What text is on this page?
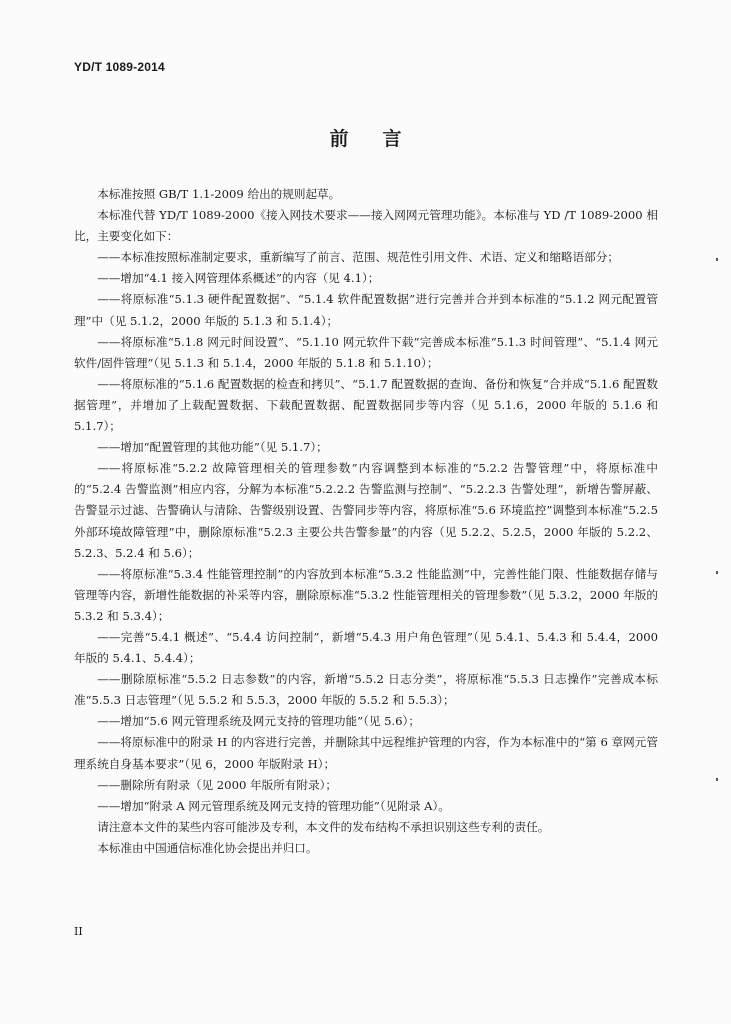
YD/T 1089-2014
前言

本标准按照 GB/T 1.1-2009 给出的规则起草。

本标准代替 YD/T 1089-2000《接入网技术要求——接入网网元管理功能》。本标准与 YD /T 1089-2000 相比，主要变化如下：

——本标准按照标准制定要求，重新编写了前言、范围、规范性引用文件、术语、定义和缩略语部分；

——增加“4.1 接入网管理体系概述”的内容（见 4.1）；

——将原标准“5.1.3 硬件配置数据”、“5.1.4 软件配置数据”进行完善并合并到本标准的“5.1.2 网元配置管理”中（见 5.1.2，2000 年版的 5.1.3 和 5.1.4）；

——将原标准“5.1.8 网元时间设置”、“5.1.10 网元软件下载”完善成本标准“5.1.3 时间管理”、“5.1.4 网元软件/固件管理”（见 5.1.3 和 5.1.4，2000 年版的 5.1.8 和 5.1.10）；

——将原标准的“5.1.6 配置数据的检查和拷贝”、“5.1.7 配置数据的查询、备份和恢复”合并成“5.1.6 配置数据管理”，并增加了上载配置数据、下载配置数据、配置数据同步等内容（见 5.1.6，2000 年版的 5.1.6 和 5.1.7）；

——增加“配置管理的其他功能”（见 5.1.7）；

——将原标准“5.2.2 故障管理相关的管理参数”内容调整到本标准的“5.2.2 告警管理”中，将原标准中的“5.2.4 告警监测”相应内容，分解为本标准“5.2.2.2 告警监测与控制”、“5.2.2.3 告警处理”，新增告警屏蔽、告警显示过滤、告警确认与清除、告警级别设置、告警同步等内容，将原标准“5.6 环境监控”调整到本标准“5.2.5 外部环境故障管理”中，删除原标准“5.2.3 主要公共告警参量”的内容（见 5.2.2、5.2.5，2000 年版的 5.2.2、5.2.3、5.2.4 和 5.6）；

——将原标准“5.3.4 性能管理控制”的内容放到本标准“5.3.2 性能监测”中，完善性能门限、性能数据存储与管理等内容，新增性能数据的补采等内容，删除原标准“5.3.2 性能管理相关的管理参数”（见 5.3.2，2000 年版的 5.3.2 和 5.3.4）；

——完善“5.4.1 概述”、“5.4.4 访问控制”，新增“5.4.3 用户角色管理”（见 5.4.1、5.4.3 和 5.4.4，2000 年版的 5.4.1、5.4.4）；

——删除原标准“5.5.2 日志参数”的内容，新增“5.5.2 日志分类”，将原标准“5.5.3 日志操作”完善成本标准“5.5.3 日志管理”（见 5.5.2 和 5.5.3，2000 年版的 5.5.2 和 5.5.3）；

——增加“5.6 网元管理系统及网元支持的管理功能”（见 5.6）；

——将原标准中的附录 H 的内容进行完善，并删除其中远程维护管理的内容，作为本标准中的“第 6 章网元管理系统自身基本要求”（见 6，2000 年版附录 H）；

——删除所有附录（见 2000 年版所有附录）；

——增加“附录 A 网元管理系统及网元支持的管理功能”（见附录 A）。

请注意本文件的某些内容可能涉及专利，本文件的发布结构不承担识别这些专利的责任。

本标准由中国通信标准化协会提出并归口。

II
